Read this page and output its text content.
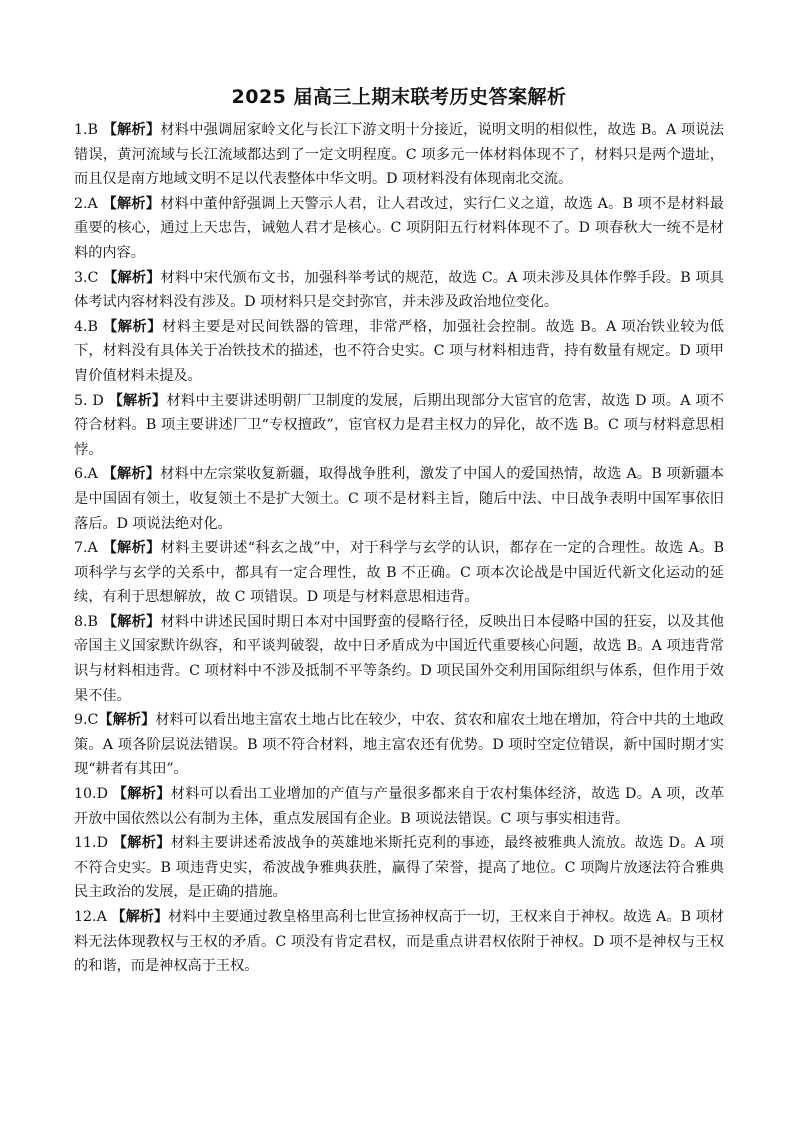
2025 届高三上期末联考历史答案解析

1.B 【解析】材料中强调屈家岭文化与长江下游文明十分接近，说明文明的相似性，故选 B。A 项说法错误，黄河流域与长江流域都达到了一定文明程度。C 项多元一体材料体现不了，材料只是两个遗址，而且仅是南方地域文明不足以代表整体中华文明。D 项材料没有体现南北交流。

2.A 【解析】材料中董仲舒强调上天警示人君，让人君改过，实行仁义之道，故选 A。B 项不是材料最重要的核心，通过上天忠告，诫勉人君才是核心。C 项阴阳五行材料体现不了。D 项春秋大一统不是材料的内容。

3.C 【解析】材料中宋代颁布文书，加强科举考试的规范，故选 C。A 项未涉及具体作弊手段。B 项具体考试内容材料没有涉及。D 项材料只是交封弥官，并未涉及政治地位变化。

4.B 【解析】材料主要是对民间铁器的管理，非常严格，加强社会控制。故选 B。A 项冶铁业较为低下，材料没有具体关于冶铁技术的描述，也不符合史实。C 项与材料相违背，持有数量有规定。D 项甲胄价值材料未提及。

5. D 【解析】材料中主要讲述明朝厂卫制度的发展，后期出现部分大宦官的危害，故选 D 项。A 项不符合材料。B 项主要讲述厂卫“专权擅政”，宦官权力是君主权力的异化，故不选 B。C 项与材料意思相悖。

6.A 【解析】材料中左宗棠收复新疆，取得战争胜利，激发了中国人的爱国热情，故选 A。B 项新疆本是中国固有领土，收复领土不是扩大领土。C 项不是材料主旨，随后中法、中日战争表明中国军事依旧落后。D 项说法绝对化。

7.A 【解析】材料主要讲述“科玄之战”中，对于科学与玄学的认识，都存在一定的合理性。故选 A。B 项科学与玄学的关系中，都具有一定合理性，故 B 不正确。C 项本次论战是中国近代新文化运动的延续，有利于思想解放，故 C 项错误。D 项是与材料意思相违背。

8.B 【解析】材料中讲述民国时期日本对中国野蛮的侵略行径，反映出日本侵略中国的狂妄，以及其他帝国主义国家默许纵容，和平谈判破裂，故中日矛盾成为中国近代重要核心问题，故选 B。A 项违背常识与材料相违背。C 项材料中不涉及抵制不平等条约。D 项民国外交利用国际组织与体系，但作用于效果不佳。

9.C【解析】材料可以看出地主富农土地占比在较少，中农、贫农和雇农土地在增加，符合中共的土地政策。A 项各阶层说法错误。B 项不符合材料，地主富农还有优势。D 项时空定位错误，新中国时期才实现“耕者有其田”。

10.D 【解析】材料可以看出工业增加的产值与产量很多都来自于农村集体经济，故选 D。A 项，改革开放中国依然以公有制为主体，重点发展国有企业。B 项说法错误。C 项与事实相违背。

11.D 【解析】材料主要讲述希波战争的英雄地米斯托克利的事迹，最终被雅典人流放。故选 D。A 项不符合史实。B 项违背史实，希波战争雅典获胜，赢得了荣誉，提高了地位。C 项陶片放逐法符合雅典民主政治的发展，是正确的措施。

12.A 【解析】材料中主要通过教皇格里高利七世宣扬神权高于一切，王权来自于神权。故选 A。B 项材料无法体现教权与王权的矛盾。C 项没有肯定君权，而是重点讲君权依附于神权。D 项不是神权与王权的和谐，而是神权高于王权。
